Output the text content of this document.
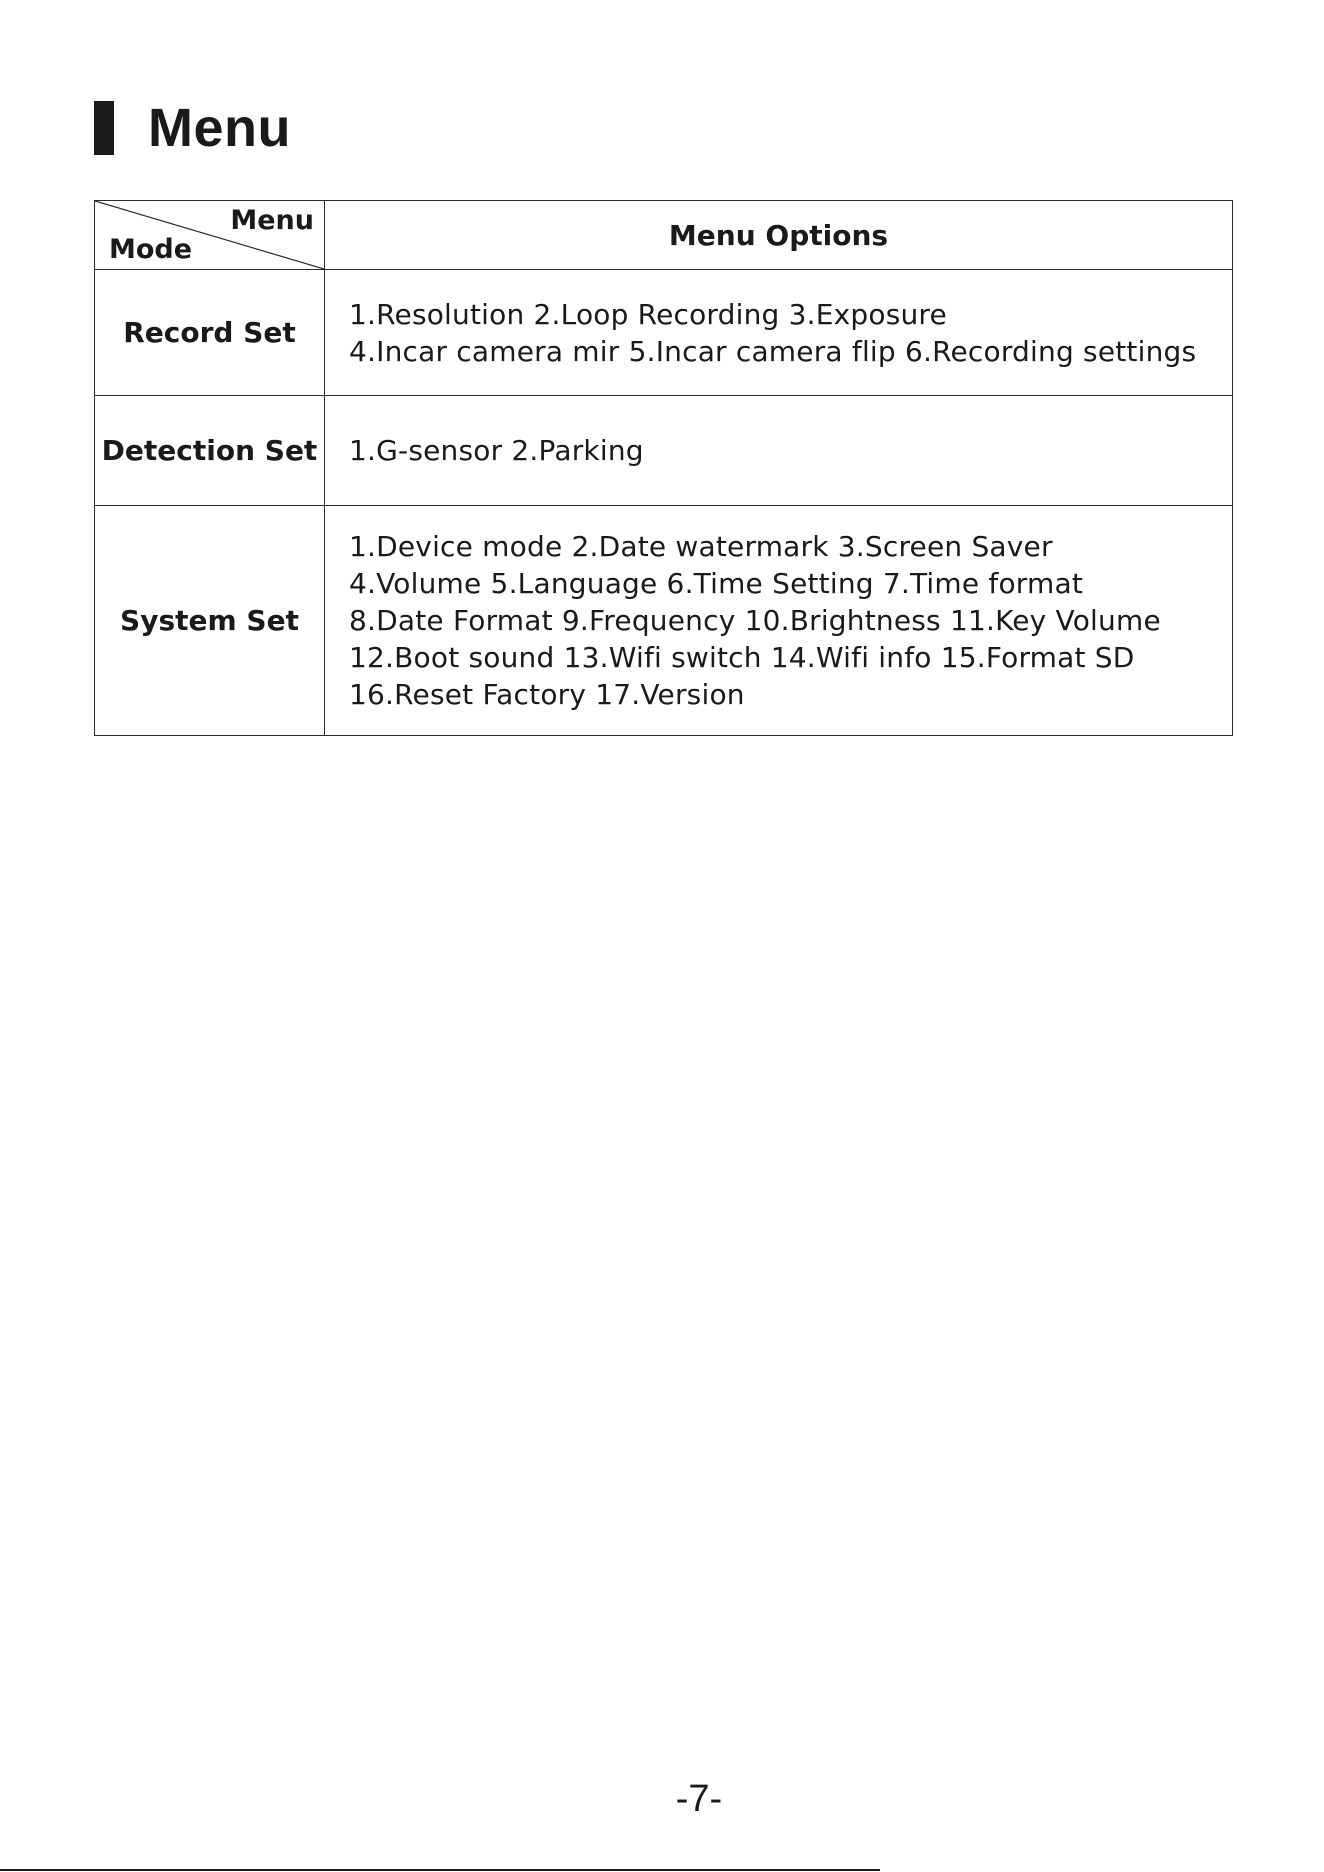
Menu
Menu
Mode	Menu Options
Record Set	1.Resolution 2.Loop Recording 3.Exposure
4.Incar camera mir 5.Incar camera flip 6.Recording settings

Detection Set	1.G-sensor 2.Parking

System Set	1.Device mode 2.Date watermark 3.Screen Saver
4.Volume 5.Language 6.Time Setting 7.Time format
8.Date Format 9.Frequency 10.Brightness 11.Key Volume
12.Boot sound 13.Wifi switch 14.Wifi info 15.Format SD
16.Reset Factory 17.Version
-7-
